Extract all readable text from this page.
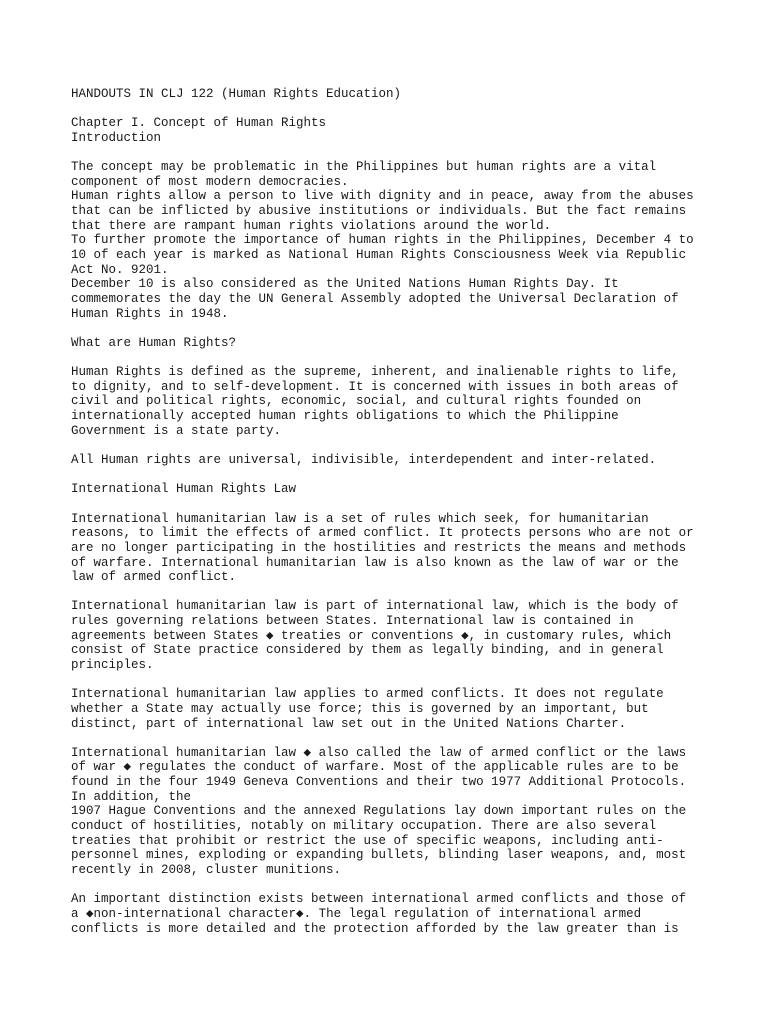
HANDOUTS IN CLJ 122 (Human Rights Education)
Chapter I. Concept of Human Rights
Introduction
The concept may be problematic in the Philippines but human rights are a vital
component of most modern democracies.
Human rights allow a person to live with dignity and in peace, away from the abuses
that can be inflicted by abusive institutions or individuals. But the fact remains
that there are rampant human rights violations around the world.
To further promote the importance of human rights in the Philippines, December 4 to
10 of each year is marked as National Human Rights Consciousness Week via Republic
Act No. 9201.
December 10 is also considered as the United Nations Human Rights Day. It
commemorates the day the UN General Assembly adopted the Universal Declaration of
Human Rights in 1948.
What are Human Rights?
Human Rights is defined as the supreme, inherent, and inalienable rights to life,
to dignity, and to self-development. It is concerned with issues in both areas of
civil and political rights, economic, social, and cultural rights founded on
internationally accepted human rights obligations to which the Philippine
Government is a state party.
All Human rights are universal, indivisible, interdependent and inter-related.
International Human Rights Law
International humanitarian law is a set of rules which seek, for humanitarian
reasons, to limit the effects of armed conflict. It protects persons who are not or
are no longer participating in the hostilities and restricts the means and methods
of warfare. International humanitarian law is also known as the law of war or the
law of armed conflict.
International humanitarian law is part of international law, which is the body of
rules governing relations between States. International law is contained in
agreements between States ◆ treaties or conventions ◆, in customary rules, which
consist of State practice considered by them as legally binding, and in general
principles.
International humanitarian law applies to armed conflicts. It does not regulate
whether a State may actually use force; this is governed by an important, but
distinct, part of international law set out in the United Nations Charter.
International humanitarian law ◆ also called the law of armed conflict or the laws
of war ◆ regulates the conduct of warfare. Most of the applicable rules are to be
found in the four 1949 Geneva Conventions and their two 1977 Additional Protocols.
In addition, the
1907 Hague Conventions and the annexed Regulations lay down important rules on the
conduct of hostilities, notably on military occupation. There are also several
treaties that prohibit or restrict the use of specific weapons, including anti-
personnel mines, exploding or expanding bullets, blinding laser weapons, and, most
recently in 2008, cluster munitions.
An important distinction exists between international armed conflicts and those of
a ◆non-international character◆. The legal regulation of international armed
conflicts is more detailed and the protection afforded by the law greater than is
